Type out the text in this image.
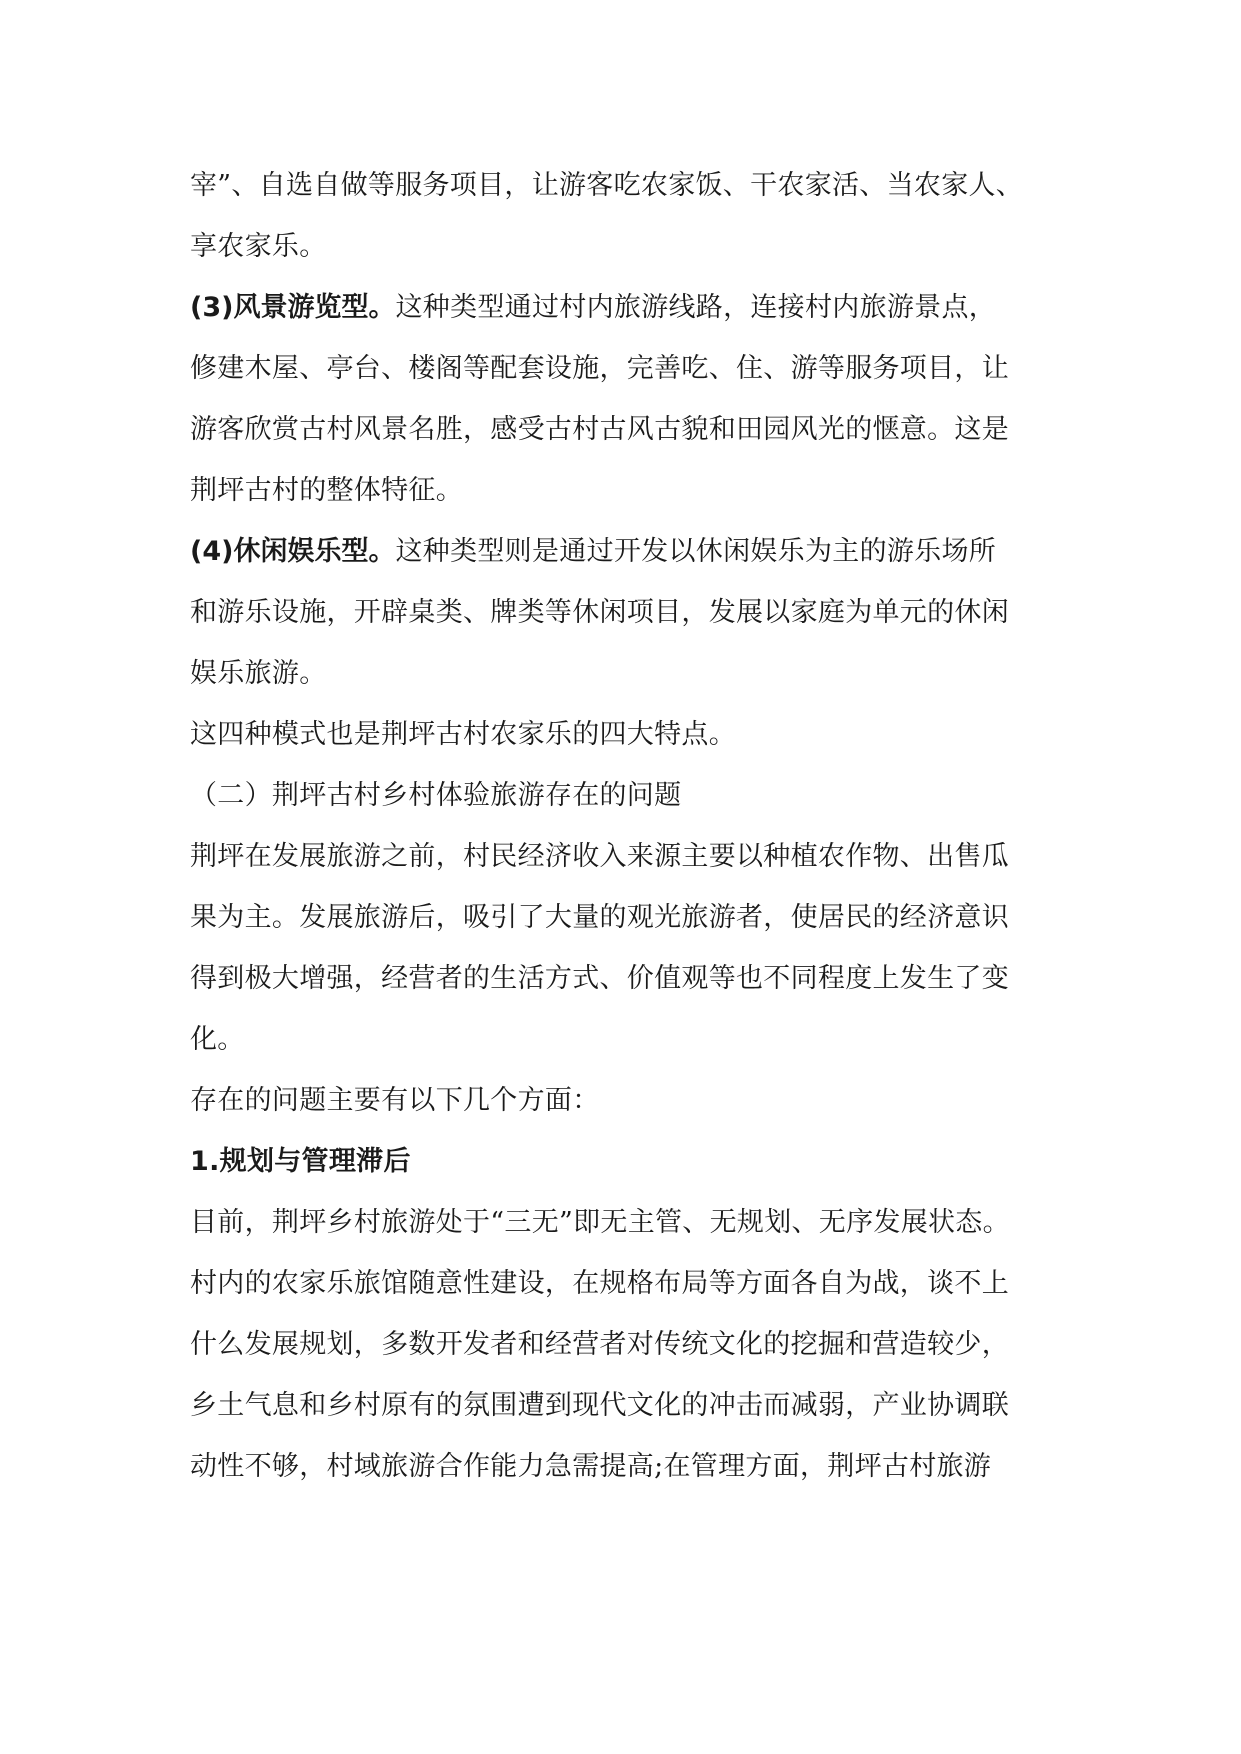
宰”、自选自做等服务项目，让游客吃农家饭、干农家活、当农家人、
享农家乐。
(3)风景游览型。这种类型通过村内旅游线路，连接村内旅游景点，
修建木屋、亭台、楼阁等配套设施，完善吃、住、游等服务项目，让
游客欣赏古村风景名胜，感受古村古风古貌和田园风光的惬意。这是
荆坪古村的整体特征。
(4)休闲娱乐型。这种类型则是通过开发以休闲娱乐为主的游乐场所
和游乐设施，开辟桌类、牌类等休闲项目，发展以家庭为单元的休闲
娱乐旅游。
这四种模式也是荆坪古村农家乐的四大特点。
（二）荆坪古村乡村体验旅游存在的问题
荆坪在发展旅游之前，村民经济收入来源主要以种植农作物、出售瓜
果为主。发展旅游后，吸引了大量的观光旅游者，使居民的经济意识
得到极大增强，经营者的生活方式、价值观等也不同程度上发生了变
化。
存在的问题主要有以下几个方面：
1.规划与管理滞后
目前，荆坪乡村旅游处于“三无”即无主管、无规划、无序发展状态。
村内的农家乐旅馆随意性建设，在规格布局等方面各自为战，谈不上
什么发展规划，多数开发者和经营者对传统文化的挖掘和营造较少，
乡土气息和乡村原有的氛围遭到现代文化的冲击而减弱，产业协调联
动性不够，村域旅游合作能力急需提高;在管理方面，荆坪古村旅游
